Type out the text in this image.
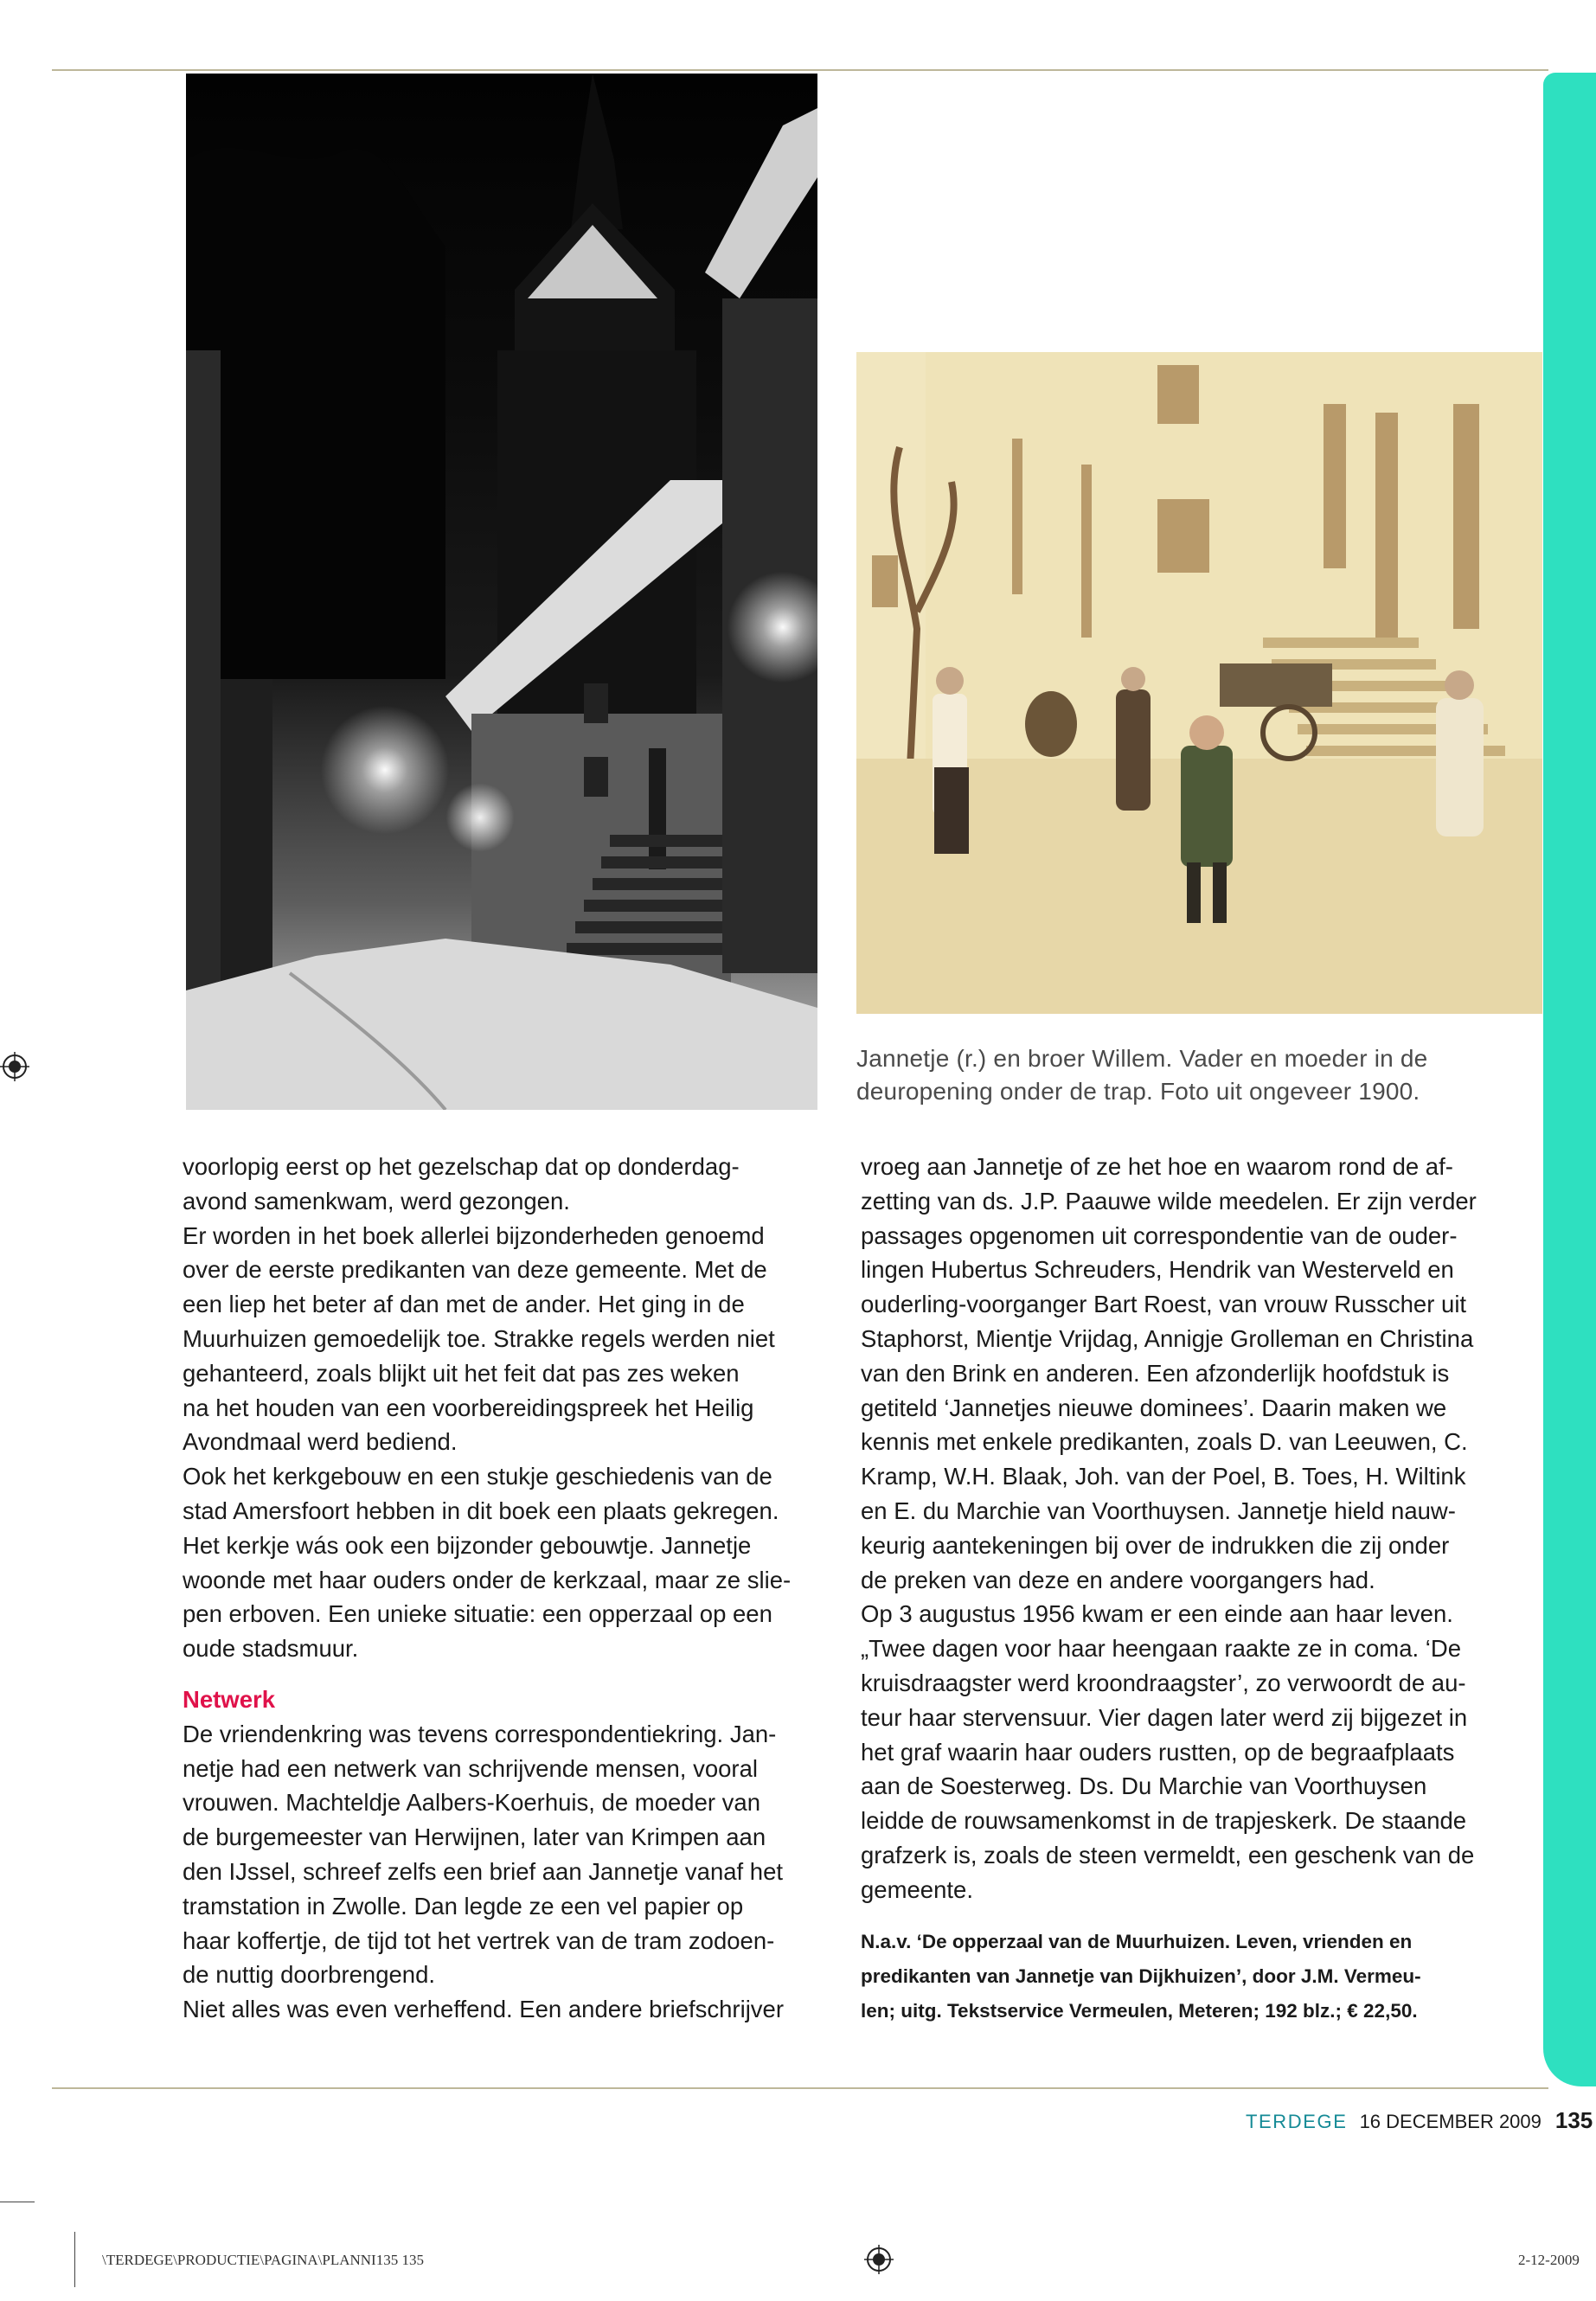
Jannetje (r.) en broer Willem. Vader en moeder in de
deuropening onder de trap. Foto uit ongeveer 1900.
voorlopig eerst op het gezelschap dat op donderdag-
avond samenkwam, werd gezongen.
Er worden in het boek allerlei bijzonderheden genoemd
over de eerste predikanten van deze gemeente. Met de
een liep het beter af dan met de ander. Het ging in de
Muurhuizen gemoedelijk toe. Strakke regels werden niet
gehanteerd, zoals blijkt uit het feit dat pas zes weken
na het houden van een voorbereidingspreek het Heilig
Avondmaal werd bediend.
Ook het kerkgebouw en een stukje geschiedenis van de
stad Amersfoort hebben in dit boek een plaats gekregen.
Het kerkje wás ook een bijzonder gebouwtje. Jannetje
woonde met haar ouders onder de kerkzaal, maar ze slie-
pen erboven. Een unieke situatie: een opperzaal op een
oude stadsmuur.
Netwerk
De vriendenkring was tevens correspondentiekring. Jan-
netje had een netwerk van schrijvende mensen, vooral
vrouwen. Machteldje Aalbers-Koerhuis, de moeder van
de burgemeester van Herwijnen, later van Krimpen aan
den IJssel, schreef zelfs een brief aan Jannetje vanaf het
tramstation in Zwolle. Dan legde ze een vel papier op
haar koffertje, de tijd tot het vertrek van de tram zodoen-
de nuttig doorbrengend.
Niet alles was even verheffend. Een andere briefschrijver
vroeg aan Jannetje of ze het hoe en waarom rond de af-
zetting van ds. J.P. Paauwe wilde meedelen. Er zijn verder
passages opgenomen uit correspondentie van de ouder-
lingen Hubertus Schreuders, Hendrik van Westerveld en
ouderling-voorganger Bart Roest, van vrouw Russcher uit
Staphorst, Mientje Vrijdag, Annigje Grolleman en Christina
van den Brink en anderen. Een afzonderlijk hoofdstuk is
getiteld ‘Jannetjes nieuwe dominees’. Daarin maken we
kennis met enkele predikanten, zoals D. van Leeuwen, C.
Kramp, W.H. Blaak, Joh. van der Poel, B. Toes, H. Wiltink
en E. du Marchie van Voorthuysen. Jannetje hield nauw-
keurig aantekeningen bij over de indrukken die zij onder
de preken van deze en andere voorgangers had.
Op 3 augustus 1956 kwam er een einde aan haar leven.
„Twee dagen voor haar heengaan raakte ze in coma. ‘De
kruisdraagster werd kroondraagster’, zo verwoordt de au-
teur haar stervensuur. Vier dagen later werd zij bijgezet in
het graf waarin haar ouders rustten, op de begraafplaats
aan de Soesterweg. Ds. Du Marchie van Voorthuysen
leidde de rouwsamenkomst in de trapjeskerk. De staande
grafzerk is, zoals de steen vermeldt, een geschenk van de
gemeente.
N.a.v. ‘De opperzaal van de Muurhuizen. Leven, vrienden en
predikanten van Jannetje van Dijkhuizen’, door J.M. Vermeu-
len; uitg. Tekstservice Vermeulen, Meteren; 192 blz.; € 22,50.
TERDEGE 16 DECEMBER 2009 135
\TERDEGE\PRODUCTIE\PAGINA\PLANNI135 135	2-12-2009
